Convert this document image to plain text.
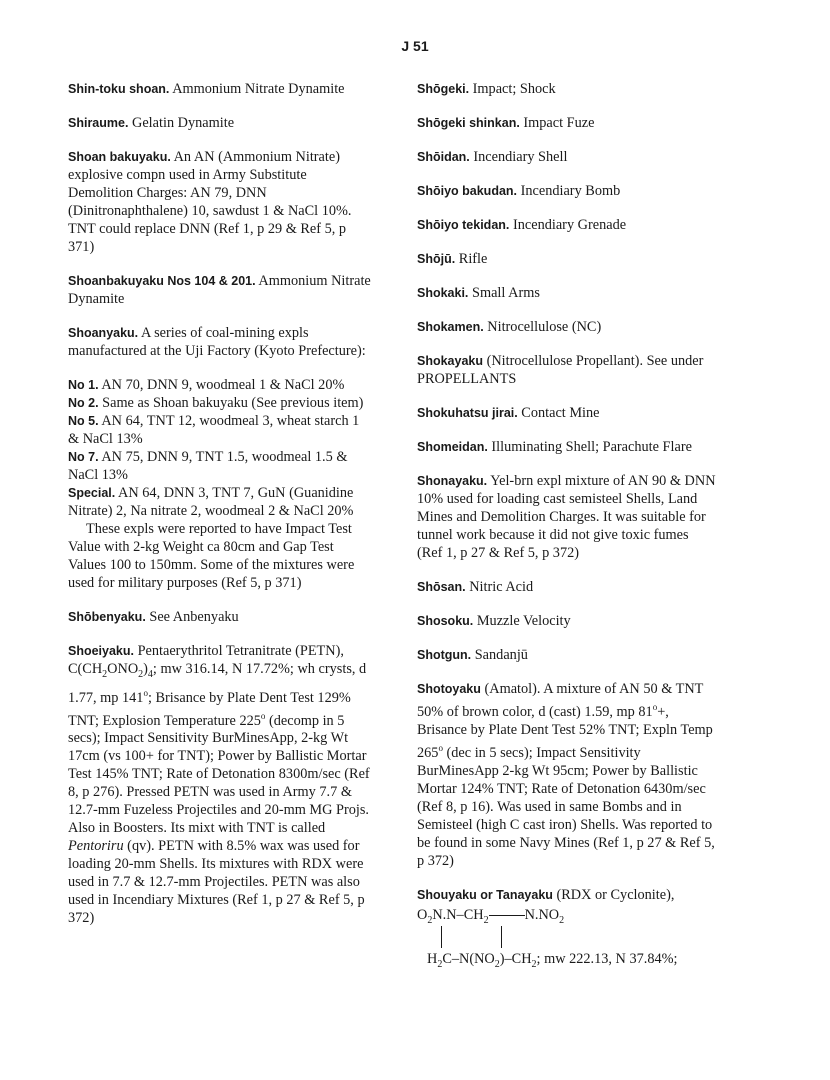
J 51
Shin-toku shoan. Ammonium Nitrate Dynamite
Shiraume. Gelatin Dynamite
Shoan bakuyaku. An AN (Ammonium Nitrate) explosive compn used in Army Substitute Demolition Charges: AN 79, DNN (Dinitronaphthalene) 10, sawdust 1 & NaCl 10%. TNT could replace DNN (Ref 1, p 29 & Ref 5, p 371)
Shoanbakuyaku Nos 104 & 201. Ammonium Nitrate Dynamite
Shoanyaku. A series of coal-mining expls manufactured at the Uji Factory (Kyoto Prefecture):
No 1. AN 70, DNN 9, woodmeal 1 & NaCl 20%
No 2. Same as Shoan bakuyaku (See previous item)
No 5. AN 64, TNT 12, woodmeal 3, wheat starch 1 & NaCl 13%
No 7. AN 75, DNN 9, TNT 1.5, woodmeal 1.5 & NaCl 13%
Special. AN 64, DNN 3, TNT 7, GuN (Guanidine Nitrate) 2, Na nitrate 2, woodmeal 2 & NaCl 20%
These expls were reported to have Impact Test Value with 2-kg Weight ca 80cm and Gap Test Values 100 to 150mm. Some of the mixtures were used for military purposes (Ref 5, p 371)
Shōbenyaku. See Anbenyaku
Shoeiyaku. Pentaerythritol Tetranitrate (PETN), $C(CH_2ONO_2)_4$; mw 316.14, N 17.72%; wh crysts, d 1.77, mp 141$^o$; Brisance by Plate Dent Test 129% TNT; Explosion Temperature 225$^o$ (decomp in 5 secs); Impact Sensitivity BurMinesApp, 2-kg Wt 17cm (vs 100+ for TNT); Power by Ballistic Mortar Test 145% TNT; Rate of Detonation 8300m/sec (Ref 8, p 276). Pressed PETN was used in Army 7.7 & 12.7-mm Fuzeless Projectiles and 20-mm MG Projs. Also in Boosters. Its mixt with TNT is called Pentoriru (qv). PETN with 8.5% wax was used for loading 20-mm Shells. Its mixtures with RDX were used in 7.7 & 12.7-mm Projectiles. PETN was also used in Incendiary Mixtures (Ref 1, p 27 & Ref 5, p 372)
Shōgeki. Impact; Shock
Shōgeki shinkan. Impact Fuze
Shōidan. Incendiary Shell
Shōiyo bakudan. Incendiary Bomb
Shōiyo tekidan. Incendiary Grenade
Shōjū. Rifle
Shokaki. Small Arms
Shokamen. Nitrocellulose (NC)
Shokayaku (Nitrocellulose Propellant). See under PROPELLANTS
Shokuhatsu jirai. Contact Mine
Shomeidan. Illuminating Shell; Parachute Flare
Shonayaku. Yel-brn expl mixture of AN 90 & DNN 10% used for loading cast semisteel Shells, Land Mines and Demolition Charges. It was suitable for tunnel work because it did not give toxic fumes (Ref 1, p 27 & Ref 5, p 372)
Shōsan. Nitric Acid
Shosoku. Muzzle Velocity
Shotgun. Sandanjū
Shotoyaku (Amatol). A mixture of AN 50 & TNT 50% of brown color, d (cast) 1.59, mp $81^o+$, Brisance by Plate Dent Test 52% TNT; Expln Temp 265$^o$ (dec in 5 secs); Impact Sensitivity BurMinesApp 2-kg Wt 95cm; Power by Ballistic Mortar 124% TNT; Rate of Detonation 6430m/sec (Ref 8, p 16). Was used in same Bombs and in Semisteel (high C cast iron) Shells. Was reported to be found in some Navy Mines (Ref 1, p 27 & Ref 5, p 372)
Shouyaku or Tanayaku (RDX or Cyclonite),
$O_2N.N-CH_2$	$N.NO_2$
$H_2C-N(NO_2)-CH_2$; mw 222.13, N 37.84%;
